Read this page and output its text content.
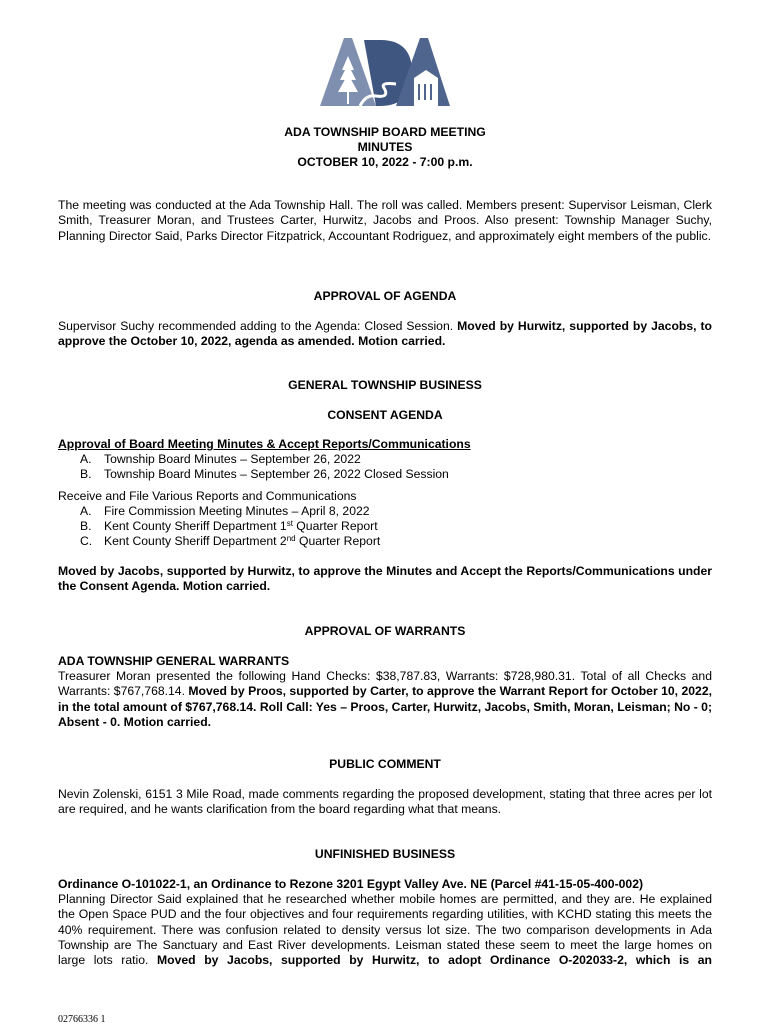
ADA TOWNSHIP BOARD MEETING

MINUTES

OCTOBER 10, 2022 - 7:00 p.m.

The meeting was conducted at the Ada Township Hall. The roll was called. Members present: Supervisor Leisman, Clerk Smith, Treasurer Moran, and Trustees Carter, Hurwitz, Jacobs and Proos. Also present: Township Manager Suchy, Planning Director Said, Parks Director Fitzpatrick, Accountant Rodriguez, and approximately eight members of the public.

APPROVAL OF AGENDA

Supervisor Suchy recommended adding to the Agenda: Closed Session. Moved by Hurwitz, supported by Jacobs, to approve the October 10, 2022, agenda as amended. Motion carried.

GENERAL TOWNSHIP BUSINESS

CONSENT AGENDA

Approval of Board Meeting Minutes & Accept Reports/Communications

A. Township Board Minutes – September 26, 2022
B. Township Board Minutes – September 26, 2022 Closed Session

Receive and File Various Reports and Communications

A. Fire Commission Meeting Minutes – April 8, 2022
B. Kent County Sheriff Department 1st Quarter Report
C. Kent County Sheriff Department 2nd Quarter Report

Moved by Jacobs, supported by Hurwitz, to approve the Minutes and Accept the Reports/Communications under the Consent Agenda. Motion carried.

APPROVAL OF WARRANTS

ADA TOWNSHIP GENERAL WARRANTS

Treasurer Moran presented the following Hand Checks: $38,787.83, Warrants: $728,980.31. Total of all Checks and Warrants: $767,768.14. Moved by Proos, supported by Carter, to approve the Warrant Report for October 10, 2022, in the total amount of $767,768.14. Roll Call: Yes – Proos, Carter, Hurwitz, Jacobs, Smith, Moran, Leisman; No - 0; Absent - 0. Motion carried.

PUBLIC COMMENT

Nevin Zolenski, 6151 3 Mile Road, made comments regarding the proposed development, stating that three acres per lot are required, and he wants clarification from the board regarding what that means.

UNFINISHED BUSINESS

Ordinance O-101022-1, an Ordinance to Rezone 3201 Egypt Valley Ave. NE (Parcel #41-15-05-400-002)

Planning Director Said explained that he researched whether mobile homes are permitted, and they are. He explained the Open Space PUD and the four objectives and four requirements regarding utilities, with KCHD stating this meets the 40% requirement. There was confusion related to density versus lot size. The two comparison developments in Ada Township are The Sanctuary and East River developments. Leisman stated these seem to meet the large homes on large lots ratio. Moved by Jacobs, supported by Hurwitz, to adopt Ordinance O-202033-2, which is an

02766336 1
